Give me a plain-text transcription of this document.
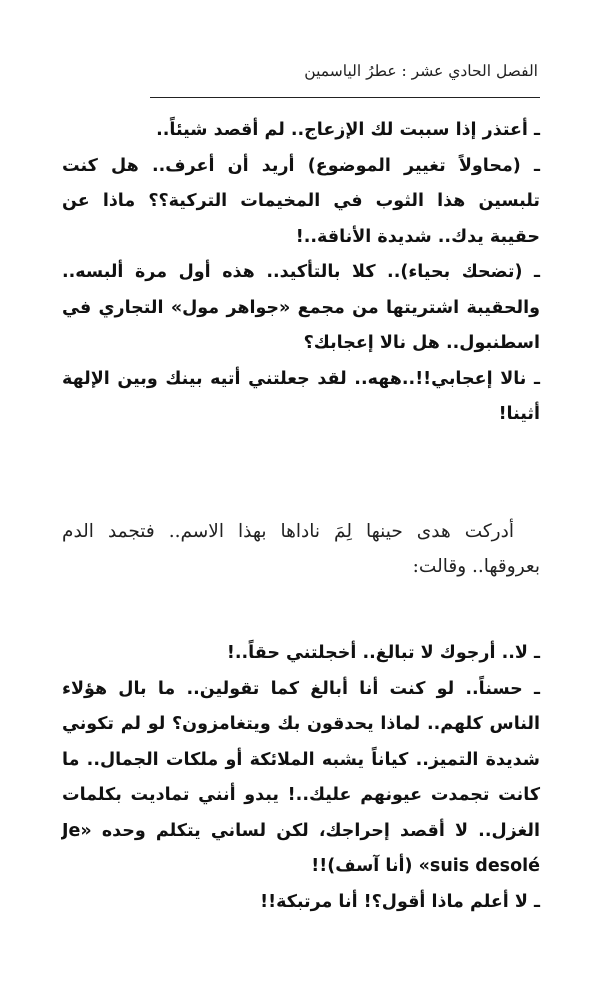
الفصل الحادي عشر : عطرُ الياسمين
ـ أعتذر إذا سببت لك الإزعاج.. لم أقصد شيئاً..
ـ (محاولاً تغيير الموضوع) أريد أن أعرف.. هل كنت تلبسين هذا الثوب في المخيمات التركية؟؟ ماذا عن حقيبة يدك.. شديدة الأناقة..!
ـ (تضحك بحياء).. كلا بالتأكيد.. هذه أول مرة ألبسه.. والحقيبة اشتريتها من مجمع «جواهر مول» التجاري في اسطنبول.. هل نالا إعجابك؟
ـ نالا إعجابي!!..ههه.. لقد جعلتني أتيه بينك وبين الإلهة أثينا!
أدركت هدى حينها لِمَ ناداها بهذا الاسم.. فتجمد الدم بعروقها.. وقالت:
ـ لا.. أرجوك لا تبالغ.. أخجلتني حقاً..!
ـ حسناً.. لو كنت أنا أبالغ كما تقولين.. ما بال هؤلاء الناس كلهم.. لماذا يحدقون بك ويتغامزون؟ لو لم تكوني شديدة التميز.. كياناً يشبه الملائكة أو ملكات الجمال.. ما كانت تجمدت عيونهم عليك..! يبدو أنني تماديت بكلمات الغزل.. لا أقصد إحراجك، لكن لساني يتكلم وحده «Je suis desolé» (أنا آسف)!!
ـ لا أعلم ماذا أقول؟! أنا مرتبكة!!
